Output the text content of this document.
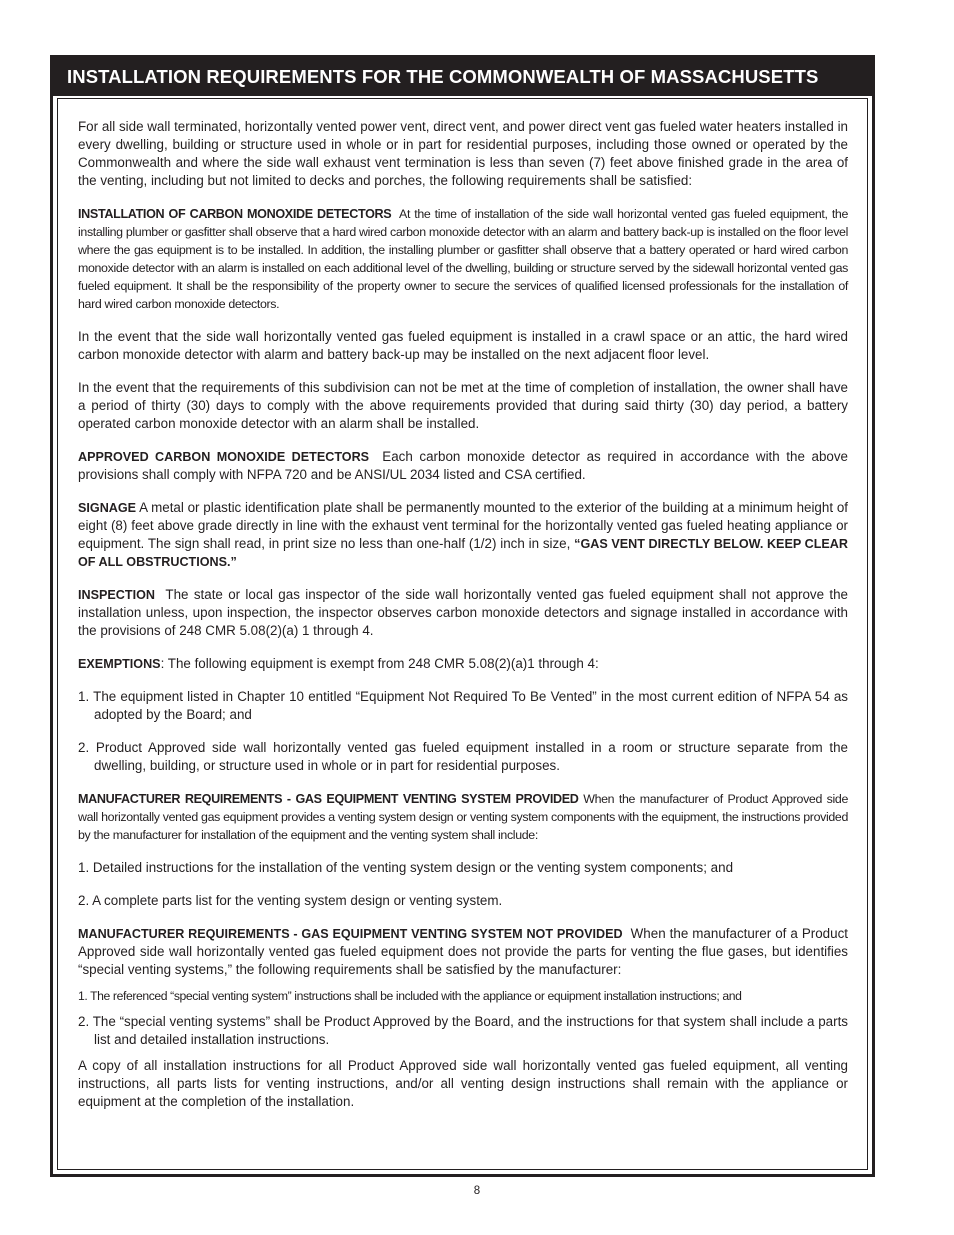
INSTALLATION REQUIREMENTS FOR THE COMMONWEALTH OF MASSACHUSETTS

For all side wall terminated, horizontally vented power vent, direct vent, and power direct vent gas fueled water heaters installed in every dwelling, building or structure used in whole or in part for residential purposes, including those owned or operated by the Commonwealth and where the side wall exhaust vent termination is less than seven (7) feet above finished grade in the area of the venting, including but not limited to decks and porches, the following requirements shall be satisfied:

INSTALLATION OF CARBON MONOXIDE DETECTORS At the time of installation of the side wall horizontal vented gas fueled equipment, the installing plumber or gasfitter shall observe that a hard wired carbon monoxide detector with an alarm and battery back-up is installed on the floor level where the gas equipment is to be installed. In addition, the installing plumber or gasfitter shall observe that a battery operated or hard wired carbon monoxide detector with an alarm is installed on each additional level of the dwelling, building or structure served by the sidewall horizontal vented gas fueled equipment. It shall be the responsibility of the property owner to secure the services of qualified licensed professionals for the installation of hard wired carbon monoxide detectors.

In the event that the side wall horizontally vented gas fueled equipment is installed in a crawl space or an attic, the hard wired carbon monoxide detector with alarm and battery back-up may be installed on the next adjacent floor level.

In the event that the requirements of this subdivision can not be met at the time of completion of installation, the owner shall have a period of thirty (30) days to comply with the above requirements provided that during said thirty (30) day period, a battery operated carbon monoxide detector with an alarm shall be installed.

APPROVED CARBON MONOXIDE DETECTORS Each carbon monoxide detector as required in accordance with the above provisions shall comply with NFPA 720 and be ANSI/UL 2034 listed and CSA certified.

SIGNAGE A metal or plastic identification plate shall be permanently mounted to the exterior of the building at a minimum height of eight (8) feet above grade directly in line with the exhaust vent terminal for the horizontally vented gas fueled heating appliance or equipment. The sign shall read, in print size no less than one-half (1/2) inch in size, “GAS VENT DIRECTLY BELOW. KEEP CLEAR OF ALL OBSTRUCTIONS.”

INSPECTION The state or local gas inspector of the side wall horizontally vented gas fueled equipment shall not approve the installation unless, upon inspection, the inspector observes carbon monoxide detectors and signage installed in accordance with the provisions of 248 CMR 5.08(2)(a) 1 through 4.

EXEMPTIONS: The following equipment is exempt from 248 CMR 5.08(2)(a)1 through 4:

1. The equipment listed in Chapter 10 entitled “Equipment Not Required To Be Vented” in the most current edition of NFPA 54 as adopted by the Board; and

2. Product Approved side wall horizontally vented gas fueled equipment installed in a room or structure separate from the dwelling, building, or structure used in whole or in part for residential purposes.

MANUFACTURER REQUIREMENTS - GAS EQUIPMENT VENTING SYSTEM PROVIDED When the manufacturer of Product Approved side wall horizontally vented gas equipment provides a venting system design or venting system components with the equipment, the instructions provided by the manufacturer for installation of the equipment and the venting system shall include:

1. Detailed instructions for the installation of the venting system design or the venting system components; and

2. A complete parts list for the venting system design or venting system.

MANUFACTURER REQUIREMENTS - GAS EQUIPMENT VENTING SYSTEM NOT PROVIDED When the manufacturer of a Product Approved side wall horizontally vented gas fueled equipment does not provide the parts for venting the flue gases, but identifies “special venting systems,” the following requirements shall be satisfied by the manufacturer:

1. The referenced “special venting system” instructions shall be included with the appliance or equipment installation instructions; and

2. The “special venting systems” shall be Product Approved by the Board, and the instructions for that system shall include a parts list and detailed installation instructions.

A copy of all installation instructions for all Product Approved side wall horizontally vented gas fueled equipment, all venting instructions, all parts lists for venting instructions, and/or all venting design instructions shall remain with the appliance or equipment at the completion of the installation.

8
